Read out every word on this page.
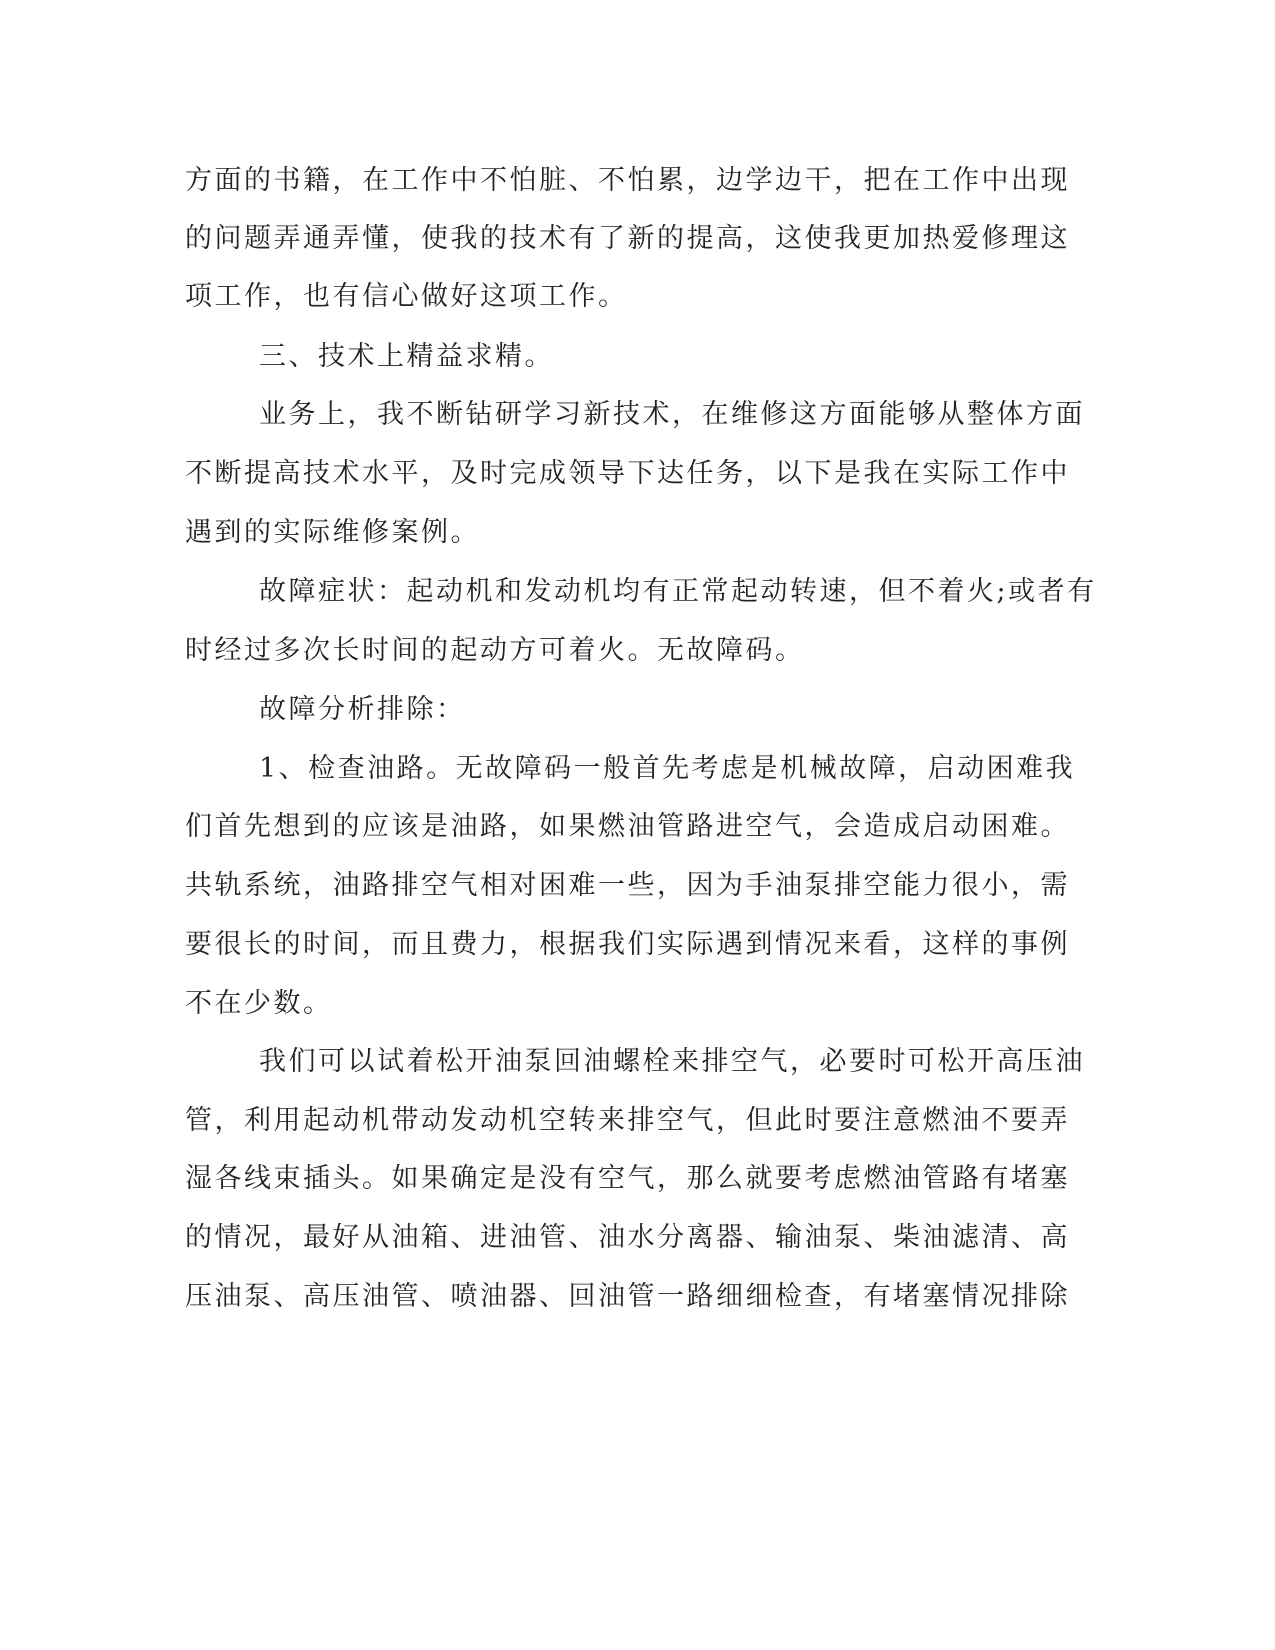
方面的书籍，在工作中不怕脏、不怕累，边学边干，把在工作中出现
的问题弄通弄懂，使我的技术有了新的提高，这使我更加热爱修理这
项工作，也有信心做好这项工作。
三、技术上精益求精。
业务上，我不断钻研学习新技术，在维修这方面能够从整体方面
不断提高技术水平，及时完成领导下达任务，以下是我在实际工作中
遇到的实际维修案例。
故障症状：起动机和发动机均有正常起动转速，但不着火;或者有
时经过多次长时间的起动方可着火。无故障码。
故障分析排除：
1、检查油路。无故障码一般首先考虑是机械故障，启动困难我
们首先想到的应该是油路，如果燃油管路进空气，会造成启动困难。
共轨系统，油路排空气相对困难一些，因为手油泵排空能力很小，需
要很长的时间，而且费力，根据我们实际遇到情况来看，这样的事例
不在少数。
我们可以试着松开油泵回油螺栓来排空气，必要时可松开高压油
管，利用起动机带动发动机空转来排空气，但此时要注意燃油不要弄
湿各线束插头。如果确定是没有空气，那么就要考虑燃油管路有堵塞
的情况，最好从油箱、进油管、油水分离器、输油泵、柴油滤清、高
压油泵、高压油管、喷油器、回油管一路细细检查，有堵塞情况排除
